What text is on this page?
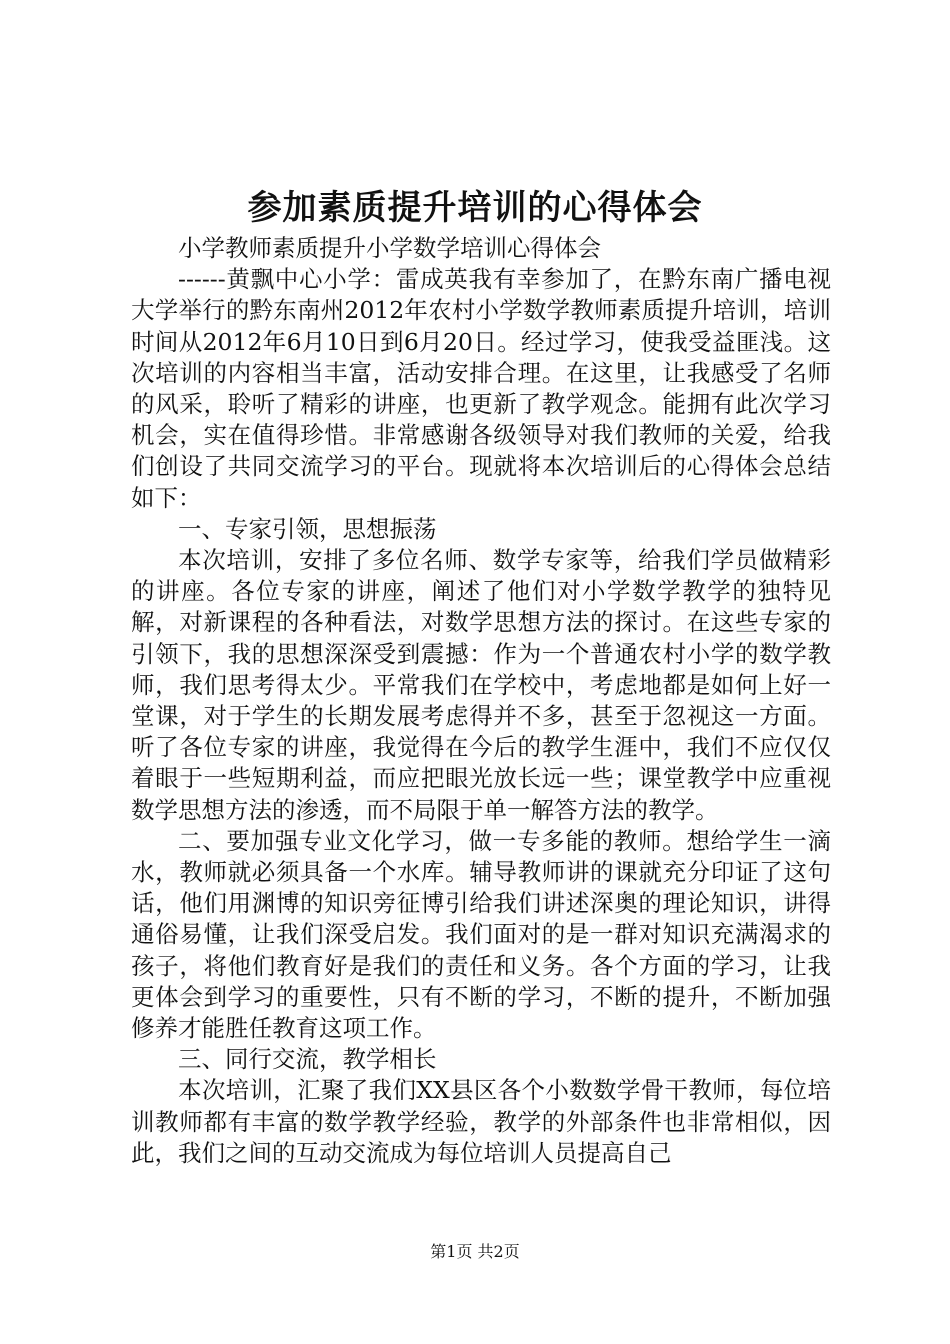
参加素质提升培训的心得体会

小学教师素质提升小学数学培训心得体会

------黄飘中心小学：雷成英我有幸参加了，在黔东南广播电视大学举行的黔东南州2012年农村小学数学教师素质提升培训，培训时间从2012年6月10日到6月20日。经过学习，使我受益匪浅。这次培训的内容相当丰富，活动安排合理。在这里，让我感受了名师的风采，聆听了精彩的讲座，也更新了教学观念。能拥有此次学习机会，实在值得珍惜。非常感谢各级领导对我们教师的关爱，给我们创设了共同交流学习的平台。现就将本次培训后的心得体会总结如下：

一、专家引领，思想振荡

本次培训，安排了多位名师、数学专家等，给我们学员做精彩的讲座。各位专家的讲座，阐述了他们对小学数学教学的独特见解，对新课程的各种看法，对数学思想方法的探讨。在这些专家的引领下，我的思想深深受到震撼：作为一个普通农村小学的数学教师，我们思考得太少。平常我们在学校中，考虑地都是如何上好一堂课，对于学生的长期发展考虑得并不多，甚至于忽视这一方面。听了各位专家的讲座，我觉得在今后的教学生涯中，我们不应仅仅着眼于一些短期利益，而应把眼光放长远一些；课堂教学中应重视数学思想方法的渗透，而不局限于单一解答方法的教学。

二、要加强专业文化学习，做一专多能的教师。想给学生一滴水，教师就必须具备一个水库。辅导教师讲的课就充分印证了这句话，他们用渊博的知识旁征博引给我们讲述深奥的理论知识，讲得通俗易懂，让我们深受启发。我们面对的是一群对知识充满渴求的孩子，将他们教育好是我们的责任和义务。各个方面的学习，让我更体会到学习的重要性，只有不断的学习，不断的提升，不断加强修养才能胜任教育这项工作。

三、同行交流，教学相长

本次培训，汇聚了我们XX县区各个小数数学骨干教师，每位培训教师都有丰富的数学教学经验，教学的外部条件也非常相似，因此，我们之间的互动交流成为每位培训人员提高自己

第1页 共2页
